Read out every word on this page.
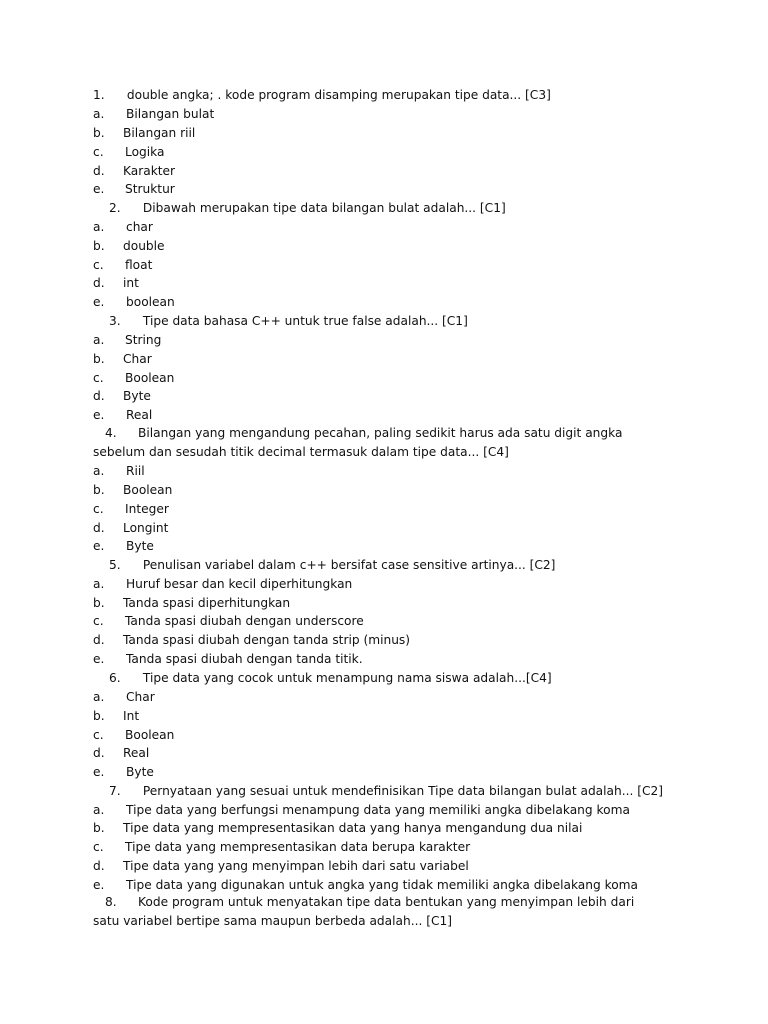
1. double angka; . kode program disamping merupakan tipe data... [C3]
a. Bilangan bulat
b. Bilangan riil
c. Logika
d. Karakter
e. Struktur
2. Dibawah merupakan tipe data bilangan bulat adalah... [C1]
a. char
b. double
c. float
d. int
e. boolean
3. Tipe data bahasa C++ untuk true false adalah... [C1]
a. String
b. Char
c. Boolean
d. Byte
e. Real
4. Bilangan yang mengandung pecahan, paling sedikit harus ada satu digit angka sebelum dan sesudah titik decimal termasuk dalam tipe data... [C4]
a. Riil
b. Boolean
c. Integer
d. Longint
e. Byte
5. Penulisan variabel dalam c++ bersifat case sensitive artinya... [C2]
a. Huruf besar dan kecil diperhitungkan
b. Tanda spasi diperhitungkan
c. Tanda spasi diubah dengan underscore
d. Tanda spasi diubah dengan tanda strip (minus)
e. Tanda spasi diubah dengan tanda titik.
6. Tipe data yang cocok untuk menampung nama siswa adalah...[C4]
a. Char
b. Int
c. Boolean
d. Real
e. Byte
7. Pernyataan yang sesuai untuk mendefinisikan Tipe data bilangan bulat adalah... [C2]
a. Tipe data yang berfungsi menampung data yang memiliki angka dibelakang koma
b. Tipe data yang mempresentasikan data yang hanya mengandung dua nilai
c. Tipe data yang mempresentasikan data berupa karakter
d. Tipe data yang yang menyimpan lebih dari satu variabel
e. Tipe data yang digunakan untuk angka yang tidak memiliki angka dibelakang koma
8. Kode program untuk menyatakan tipe data bentukan yang menyimpan lebih dari satu variabel bertipe sama maupun berbeda adalah... [C1]
